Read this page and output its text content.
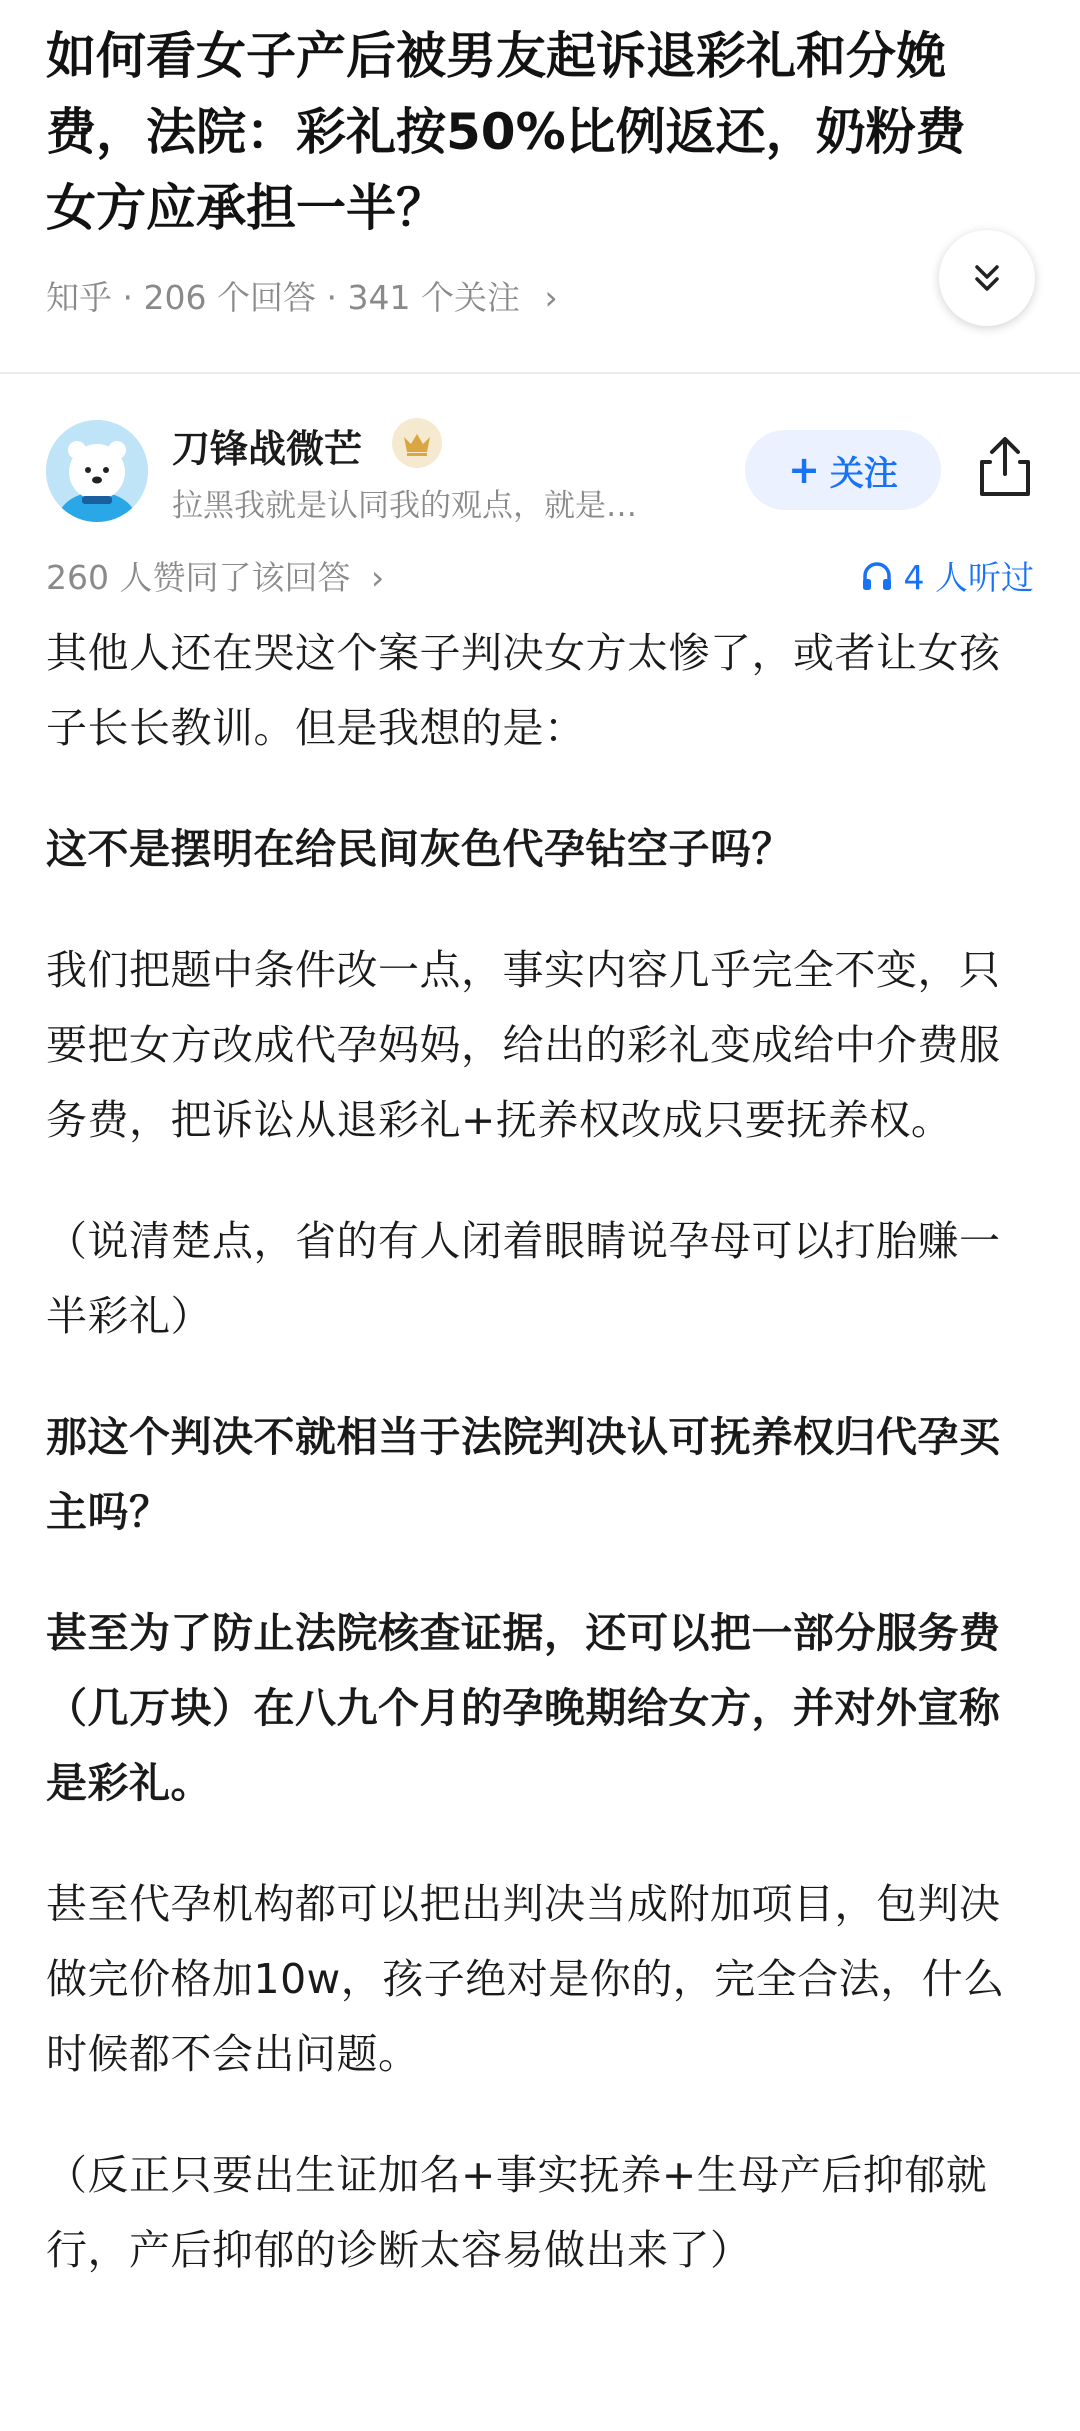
如何看女子产后被男友起诉退彩礼和分娩费，法院：彩礼按50%比例返还，奶粉费女方应承担一半？
知乎 · 206 个回答 · 341 个关注 ›
刀锋战微芒
拉黑我就是认同我的观点，就是…
+ 关注
260 人赞同了该回答 ›	4 人听过

其他人还在哭这个案子判决女方太惨了，或者让女孩子长长教训。但是我想的是：

这不是摆明在给民间灰色代孕钻空子吗？

我们把题中条件改一点，事实内容几乎完全不变，只要把女方改成代孕妈妈，给出的彩礼变成给中介费服务费，把诉讼从退彩礼+抚养权改成只要抚养权。

（说清楚点，省的有人闭着眼睛说孕母可以打胎赚一半彩礼）

那这个判决不就相当于法院判决认可抚养权归代孕买主吗？

甚至为了防止法院核查证据，还可以把一部分服务费（几万块）在八九个月的孕晚期给女方，并对外宣称是彩礼。

甚至代孕机构都可以把出判决当成附加项目，包判决做完价格加10w，孩子绝对是你的，完全合法，什么时候都不会出问题。

（反正只要出生证加名+事实抚养+生母产后抑郁就行，产后抑郁的诊断太容易做出来了）
